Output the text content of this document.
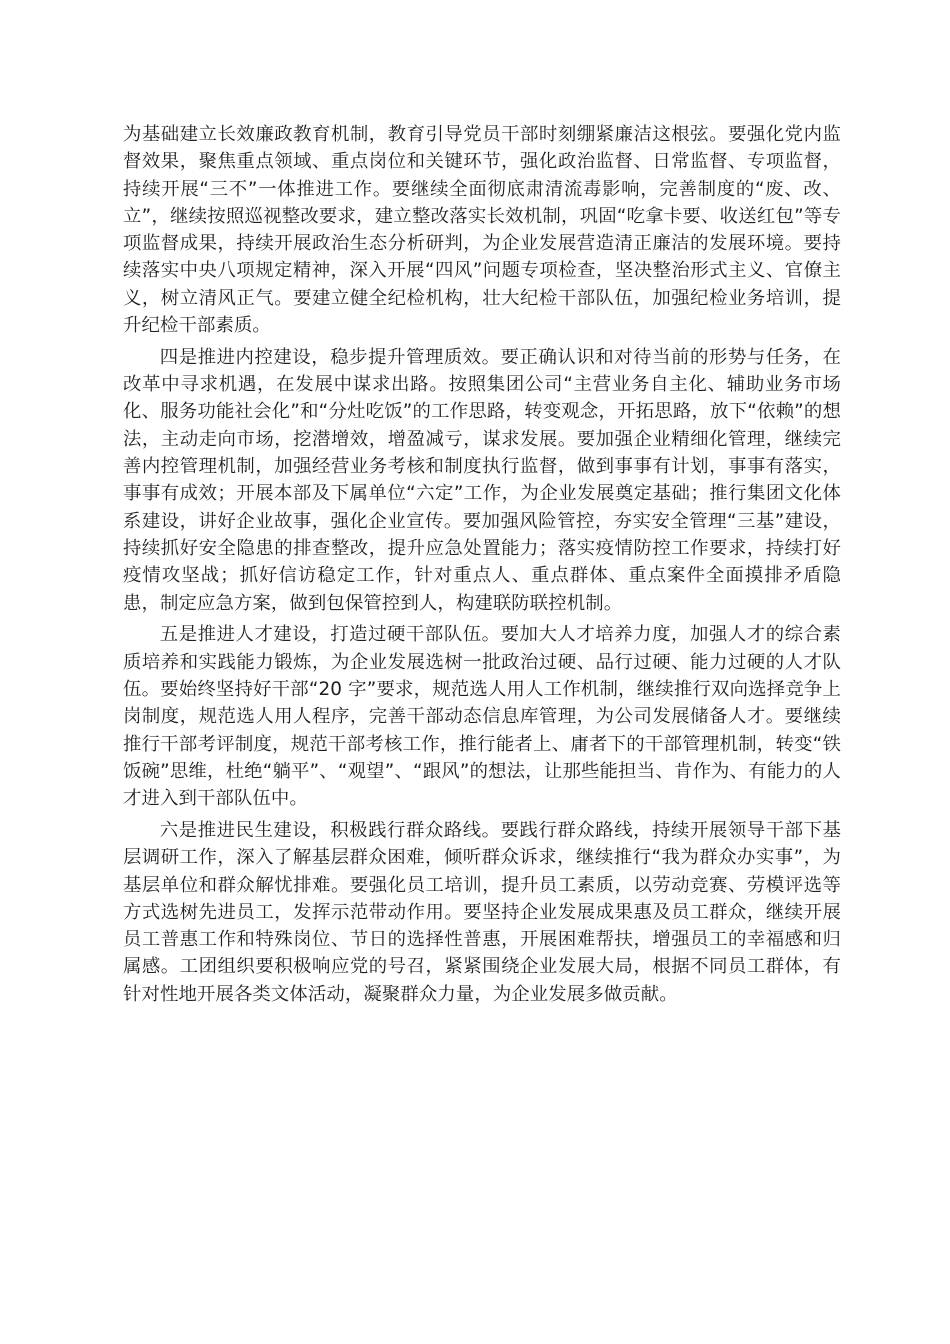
为基础建立长效廉政教育机制，教育引导党员干部时刻绷紧廉洁这根弦。要强化党内监督效果，聚焦重点领域、重点岗位和关键环节，强化政治监督、日常监督、专项监督，持续开展“三不”一体推进工作。要继续全面彻底肃清流毒影响，完善制度的“废、改、立”，继续按照巡视整改要求，建立整改落实长效机制，巩固“吃拿卡要、收送红包”等专项监督成果，持续开展政治生态分析研判，为企业发展营造清正廉洁的发展环境。要持续落实中央八项规定精神，深入开展“四风”问题专项检查，坚决整治形式主义、官僚主义，树立清风正气。要建立健全纪检机构，壮大纪检干部队伍，加强纪检业务培训，提升纪检干部素质。

四是推进内控建设，稳步提升管理质效。要正确认识和对待当前的形势与任务，在改革中寻求机遇，在发展中谋求出路。按照集团公司“主营业务自主化、辅助业务市场化、服务功能社会化”和“分灶吃饭”的工作思路，转变观念，开拓思路，放下“依赖”的想法，主动走向市场，挖潜增效，增盈减亏，谋求发展。要加强企业精细化管理，继续完善内控管理机制，加强经营业务考核和制度执行监督，做到事事有计划，事事有落实，事事有成效；开展本部及下属单位“六定”工作，为企业发展奠定基础；推行集团文化体系建设，讲好企业故事，强化企业宣传。要加强风险管控，夯实安全管理“三基”建设，持续抓好安全隐患的排查整改，提升应急处置能力；落实疫情防控工作要求，持续打好疫情攻坚战；抓好信访稳定工作，针对重点人、重点群体、重点案件全面摸排矛盾隐患，制定应急方案，做到包保管控到人，构建联防联控机制。

五是推进人才建设，打造过硬干部队伍。要加大人才培养力度，加强人才的综合素质培养和实践能力锻炼，为企业发展选树一批政治过硬、品行过硬、能力过硬的人才队伍。要始终坚持好干部“20 字”要求，规范选人用人工作机制，继续推行双向选择竞争上岗制度，规范选人用人程序，完善干部动态信息库管理，为公司发展储备人才。要继续推行干部考评制度，规范干部考核工作，推行能者上、庸者下的干部管理机制，转变“铁饭碗”思维，杜绝“躺平”、“观望”、“跟风”的想法，让那些能担当、肯作为、有能力的人才进入到干部队伍中。

六是推进民生建设，积极践行群众路线。要践行群众路线，持续开展领导干部下基层调研工作，深入了解基层群众困难，倾听群众诉求，继续推行“我为群众办实事”，为基层单位和群众解忧排难。要强化员工培训，提升员工素质，以劳动竞赛、劳模评选等方式选树先进员工，发挥示范带动作用。要坚持企业发展成果惠及员工群众，继续开展员工普惠工作和特殊岗位、节日的选择性普惠，开展困难帮扶，增强员工的幸福感和归属感。工团组织要积极响应党的号召，紧紧围绕企业发展大局，根据不同员工群体，有针对性地开展各类文体活动，凝聚群众力量，为企业发展多做贡献。
